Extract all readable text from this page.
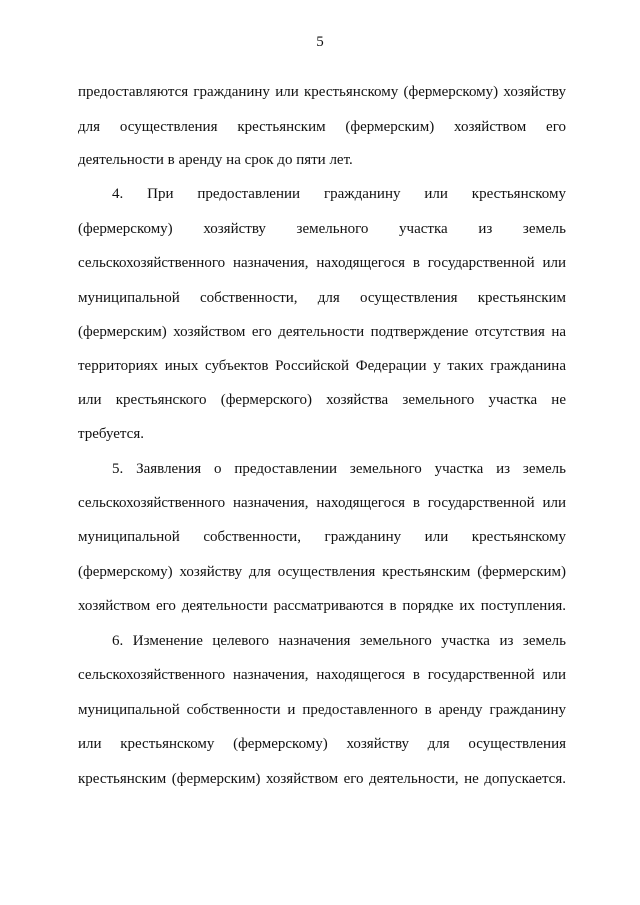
5
предоставляются гражданину или крестьянскому (фермерскому) хозяйству
для осуществления крестьянским (фермерским) хозяйством его
деятельности в аренду на срок до пяти лет.
4. При предоставлении гражданину или крестьянскому
(фермерскому) хозяйству земельного участка из земель
сельскохозяйственного назначения, находящегося в государственной или
муниципальной собственности, для осуществления крестьянским
(фермерским) хозяйством его деятельности подтверждение отсутствия на
территориях иных субъектов Российской Федерации у таких гражданина
или крестьянского (фермерского) хозяйства земельного участка не
требуется.
5. Заявления о предоставлении земельного участка из земель
сельскохозяйственного назначения, находящегося в государственной или
муниципальной собственности, гражданину или крестьянскому
(фермерскому) хозяйству для осуществления крестьянским (фермерским)
хозяйством его деятельности рассматриваются в порядке их поступления.
6. Изменение целевого назначения земельного участка из земель
сельскохозяйственного назначения, находящегося в государственной или
муниципальной собственности и предоставленного в аренду гражданину
или крестьянскому (фермерскому) хозяйству для осуществления
крестьянским (фермерским) хозяйством его деятельности, не допускается.
